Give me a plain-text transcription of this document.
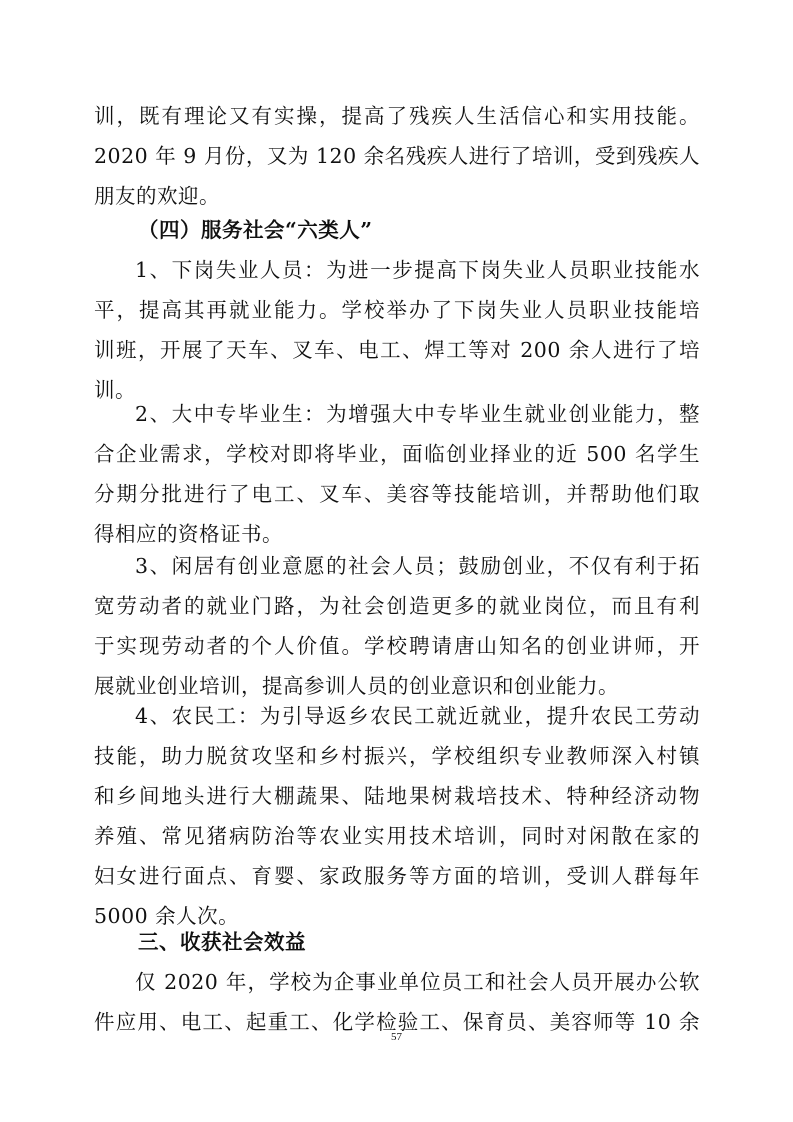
训，既有理论又有实操，提高了残疾人生活信心和实用技能。
2020 年 9 月份，又为 120 余名残疾人进行了培训，受到残疾人
朋友的欢迎。
（四）服务社会“六类人”
1、下岗失业人员：为进一步提高下岗失业人员职业技能水
平，提高其再就业能力。学校举办了下岗失业人员职业技能培
训班，开展了天车、叉车、电工、焊工等对 200 余人进行了培
训。
2、大中专毕业生：为增强大中专毕业生就业创业能力，整
合企业需求，学校对即将毕业，面临创业择业的近 500 名学生
分期分批进行了电工、叉车、美容等技能培训，并帮助他们取
得相应的资格证书。
3、闲居有创业意愿的社会人员；鼓励创业，不仅有利于拓
宽劳动者的就业门路，为社会创造更多的就业岗位，而且有利
于实现劳动者的个人价值。学校聘请唐山知名的创业讲师，开
展就业创业培训，提高参训人员的创业意识和创业能力。
4、农民工：为引导返乡农民工就近就业，提升农民工劳动
技能，助力脱贫攻坚和乡村振兴，学校组织专业教师深入村镇
和乡间地头进行大棚蔬果、陆地果树栽培技术、特种经济动物
养殖、常见猪病防治等农业实用技术培训，同时对闲散在家的
妇女进行面点、育婴、家政服务等方面的培训，受训人群每年
5000 余人次。
三、收获社会效益
仅 2020 年，学校为企事业单位员工和社会人员开展办公软
件应用、电工、起重工、化学检验工、保育员、美容师等 10 余
57
